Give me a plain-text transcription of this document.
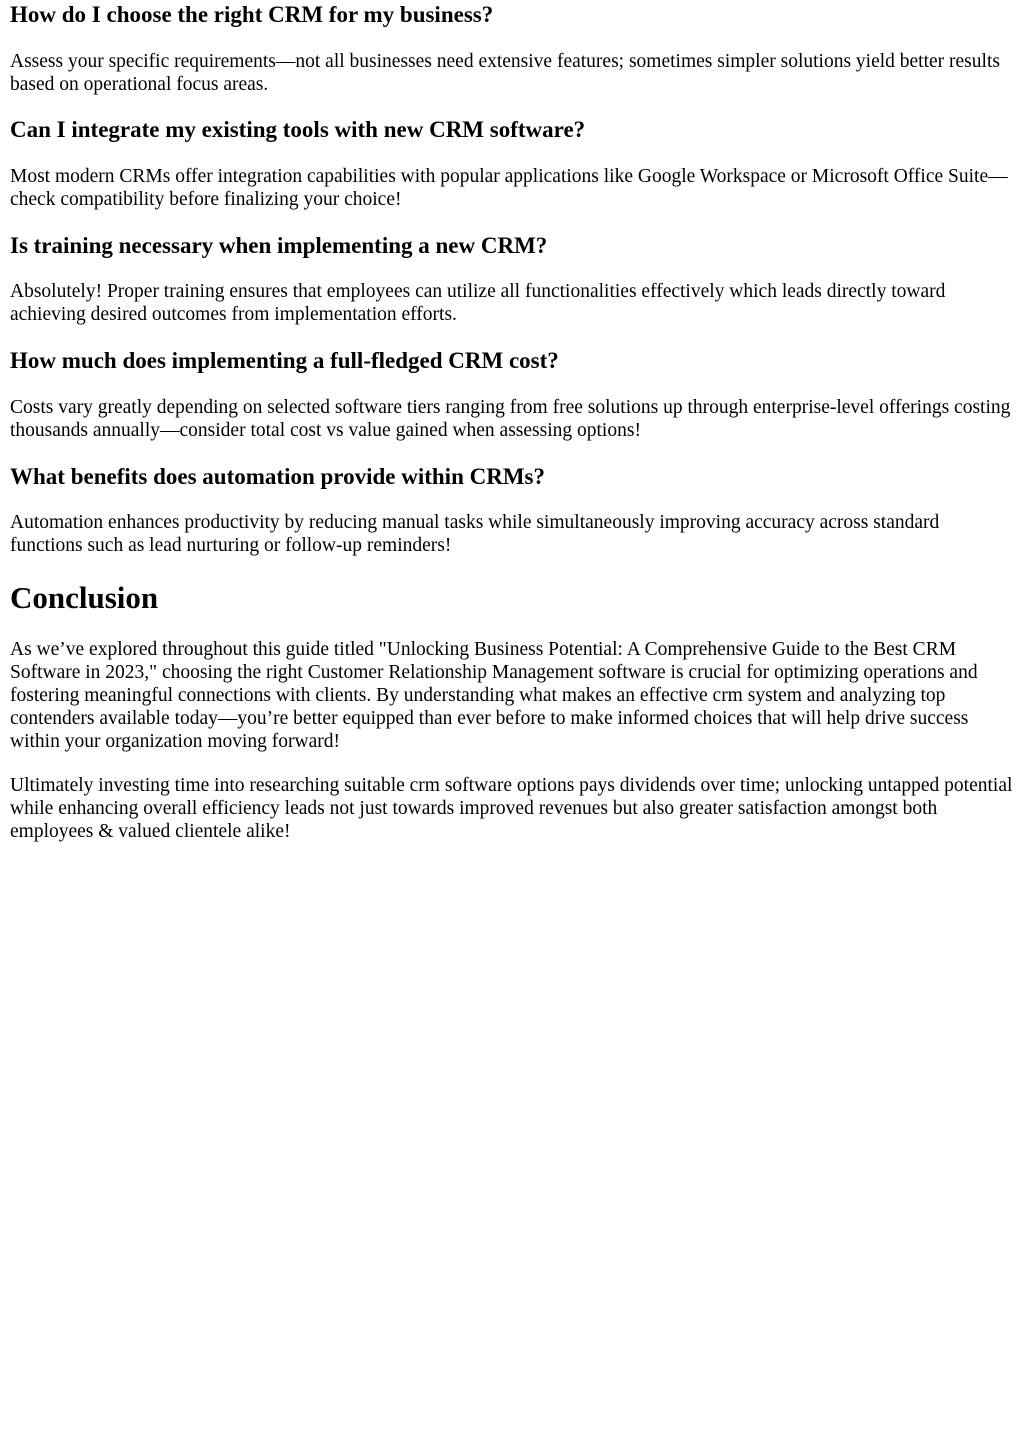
How do I choose the right CRM for my business?

Assess your specific requirements—not all businesses need extensive features; sometimes simpler solutions yield better results based on operational focus areas.

Can I integrate my existing tools with new CRM software?

Most modern CRMs offer integration capabilities with popular applications like Google Workspace or Microsoft Office Suite—check compatibility before finalizing your choice!

Is training necessary when implementing a new CRM?

Absolutely! Proper training ensures that employees can utilize all functionalities effectively which leads directly toward achieving desired outcomes from implementation efforts.

How much does implementing a full-fledged CRM cost?

Costs vary greatly depending on selected software tiers ranging from free solutions up through enterprise-level offerings costing thousands annually—consider total cost vs value gained when assessing options!

What benefits does automation provide within CRMs?

Automation enhances productivity by reducing manual tasks while simultaneously improving accuracy across standard functions such as lead nurturing or follow-up reminders!

Conclusion

As we’ve explored throughout this guide titled "Unlocking Business Potential: A Comprehensive Guide to the Best CRM Software in 2023," choosing the right Customer Relationship Management software is crucial for optimizing operations and fostering meaningful connections with clients. By understanding what makes an effective crm system and analyzing top contenders available today—you’re better equipped than ever before to make informed choices that will help drive success within your organization moving forward!

Ultimately investing time into researching suitable crm software options pays dividends over time; unlocking untapped potential while enhancing overall efficiency leads not just towards improved revenues but also greater satisfaction amongst both employees & valued clientele alike!
